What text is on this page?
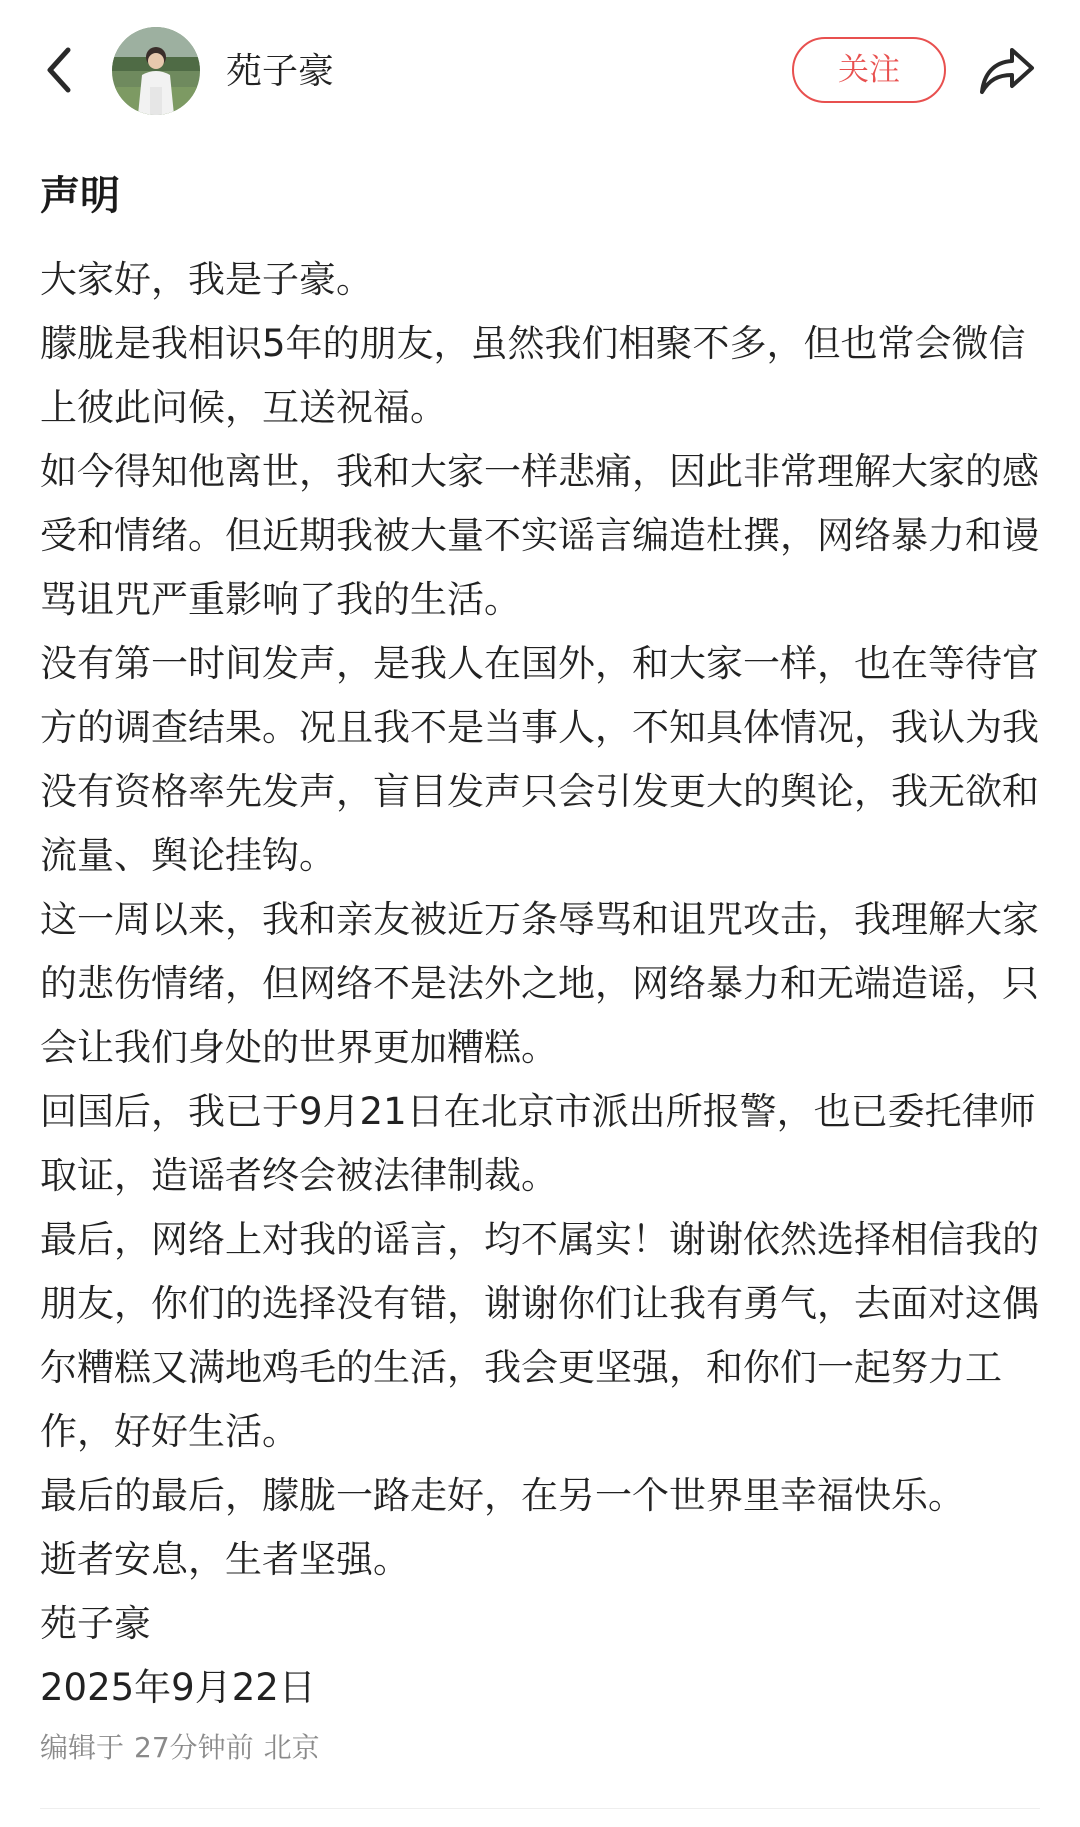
苑子豪	关注
声明

大家好，我是子豪。

朦胧是我相识5年的朋友，虽然我们相聚不多，但也常会微信上彼此问候，互送祝福。

如今得知他离世，我和大家一样悲痛，因此非常理解大家的感受和情绪。但近期我被大量不实谣言编造杜撰，网络暴力和谩骂诅咒严重影响了我的生活。

没有第一时间发声，是我人在国外，和大家一样，也在等待官方的调查结果。况且我不是当事人，不知具体情况，我认为我没有资格率先发声，盲目发声只会引发更大的舆论，我无欲和流量、舆论挂钩。

这一周以来，我和亲友被近万条辱骂和诅咒攻击，我理解大家的悲伤情绪，但网络不是法外之地，网络暴力和无端造谣，只会让我们身处的世界更加糟糕。

回国后，我已于9月21日在北京市派出所报警，也已委托律师取证，造谣者终会被法律制裁。

最后，网络上对我的谣言，均不属实！谢谢依然选择相信我的朋友，你们的选择没有错，谢谢你们让我有勇气，去面对这偶尔糟糕又满地鸡毛的生活，我会更坚强，和你们一起努力工作，好好生活。

最后的最后，朦胧一路走好，在另一个世界里幸福快乐。

逝者安息，生者坚强。

苑子豪

2025年9月22日

编辑于 27分钟前 北京
